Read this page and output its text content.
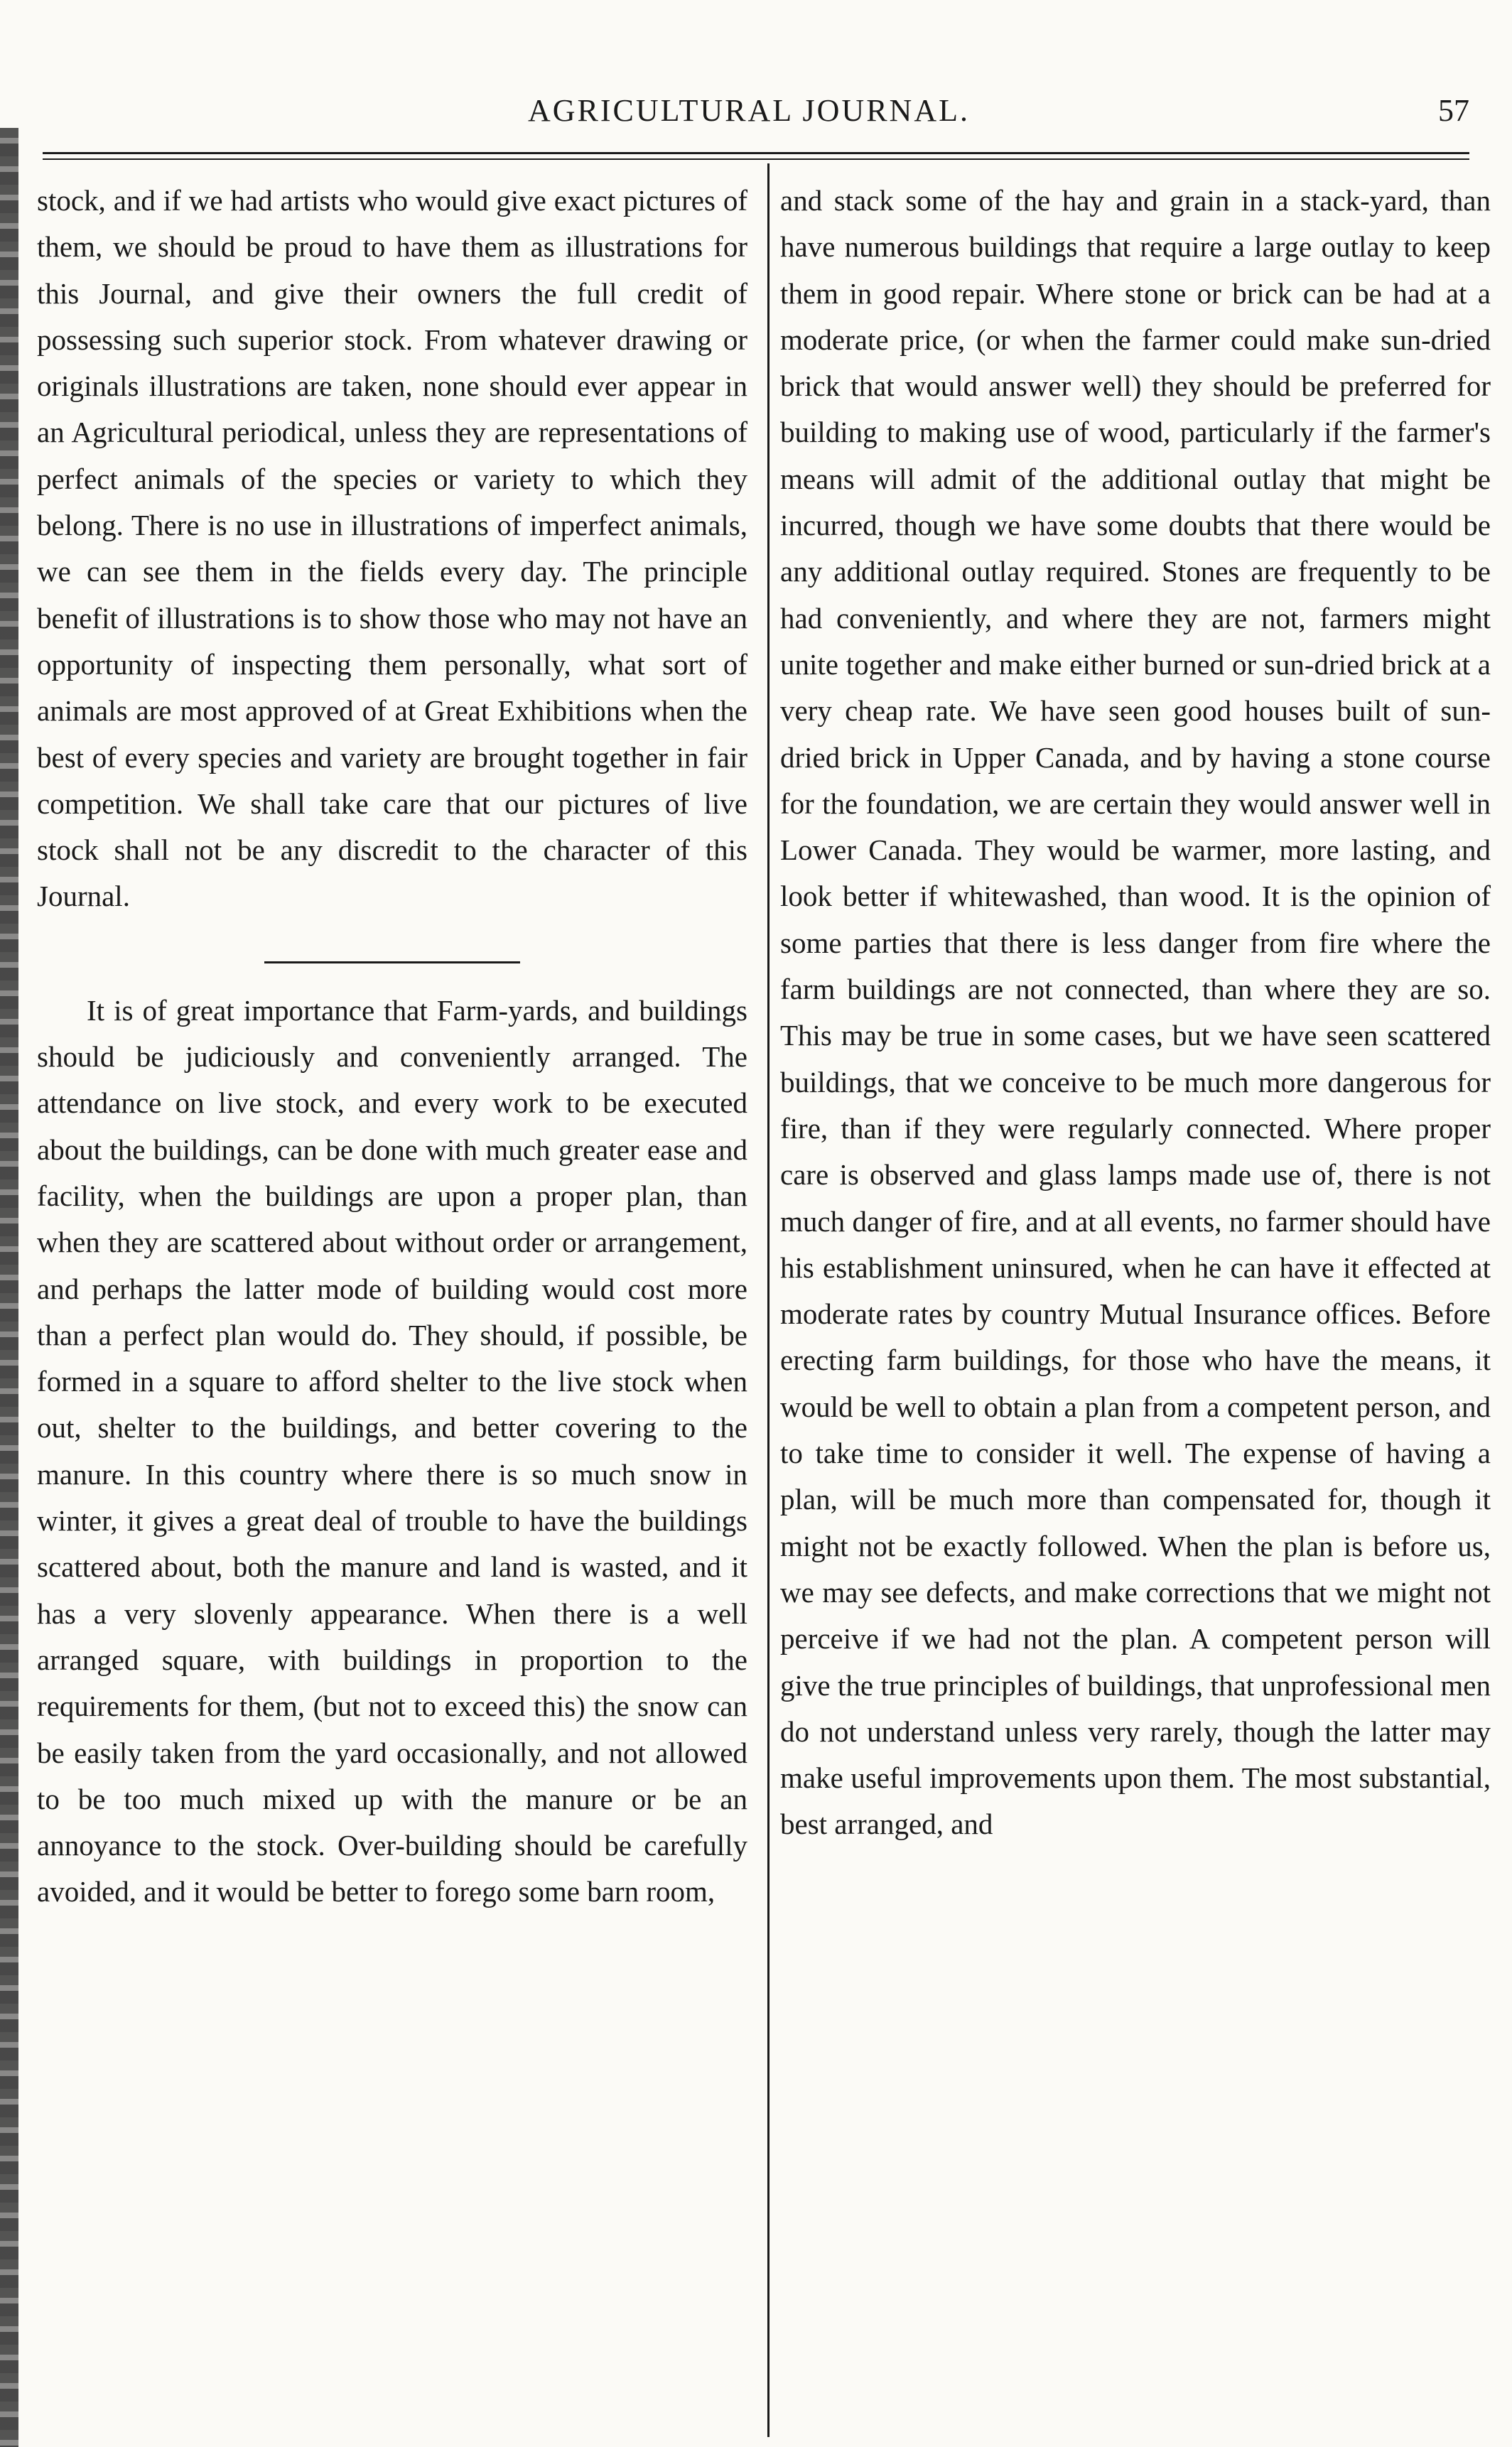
AGRICULTURAL JOURNAL.	57

stock, and if we had artists who would give exact pictures of them, we should be proud to have them as illustrations for this Journal, and give their owners the full credit of possessing such superior stock. From whatever drawing or originals illustrations are taken, none should ever appear in an Agricultural periodical, unless they are representations of perfect animals of the species or variety to which they belong. There is no use in illustrations of imperfect animals, we can see them in the fields every day. The principle benefit of illustrations is to show those who may not have an opportunity of inspecting them personally, what sort of animals are most approved of at Great Exhibitions when the best of every species and variety are brought together in fair competition. We shall take care that our pictures of live stock shall not be any discredit to the character of this Journal.

It is of great importance that Farm-yards, and buildings should be judiciously and conveniently arranged. The attendance on live stock, and every work to be executed about the buildings, can be done with much greater ease and facility, when the buildings are upon a proper plan, than when they are scattered about without order or arrangement, and perhaps the latter mode of building would cost more than a perfect plan would do. They should, if possible, be formed in a square to afford shelter to the live stock when out, shelter to the buildings, and better covering to the manure. In this country where there is so much snow in winter, it gives a great deal of trouble to have the buildings scattered about, both the manure and land is wasted, and it has a very slovenly appearance. When there is a well arranged square, with buildings in proportion to the requirements for them, (but not to exceed this) the snow can be easily taken from the yard occasionally, and not allowed to be too much mixed up with the manure or be an annoyance to the stock. Over-building should be carefully avoided, and it would be better to forego some barn room,

and stack some of the hay and grain in a stack-yard, than have numerous buildings that require a large outlay to keep them in good repair. Where stone or brick can be had at a moderate price, (or when the farmer could make sun-dried brick that would answer well) they should be preferred for building to making use of wood, particularly if the farmer's means will admit of the additional outlay that might be incurred, though we have some doubts that there would be any additional outlay required. Stones are frequently to be had conveniently, and where they are not, farmers might unite together and make either burned or sun-dried brick at a very cheap rate. We have seen good houses built of sun-dried brick in Upper Canada, and by having a stone course for the foundation, we are certain they would answer well in Lower Canada. They would be warmer, more lasting, and look better if whitewashed, than wood. It is the opinion of some parties that there is less danger from fire where the farm buildings are not connected, than where they are so. This may be true in some cases, but we have seen scattered buildings, that we conceive to be much more dangerous for fire, than if they were regularly connected. Where proper care is observed and glass lamps made use of, there is not much danger of fire, and at all events, no farmer should have his establishment uninsured, when he can have it effected at moderate rates by country Mutual Insurance offices. Before erecting farm buildings, for those who have the means, it would be well to obtain a plan from a competent person, and to take time to consider it well. The expense of having a plan, will be much more than compensated for, though it might not be exactly followed. When the plan is before us, we may see defects, and make corrections that we might not perceive if we had not the plan. A competent person will give the true principles of buildings, that unprofessional men do not understand unless very rarely, though the latter may make useful improvements upon them. The most substantial, best arranged, and
